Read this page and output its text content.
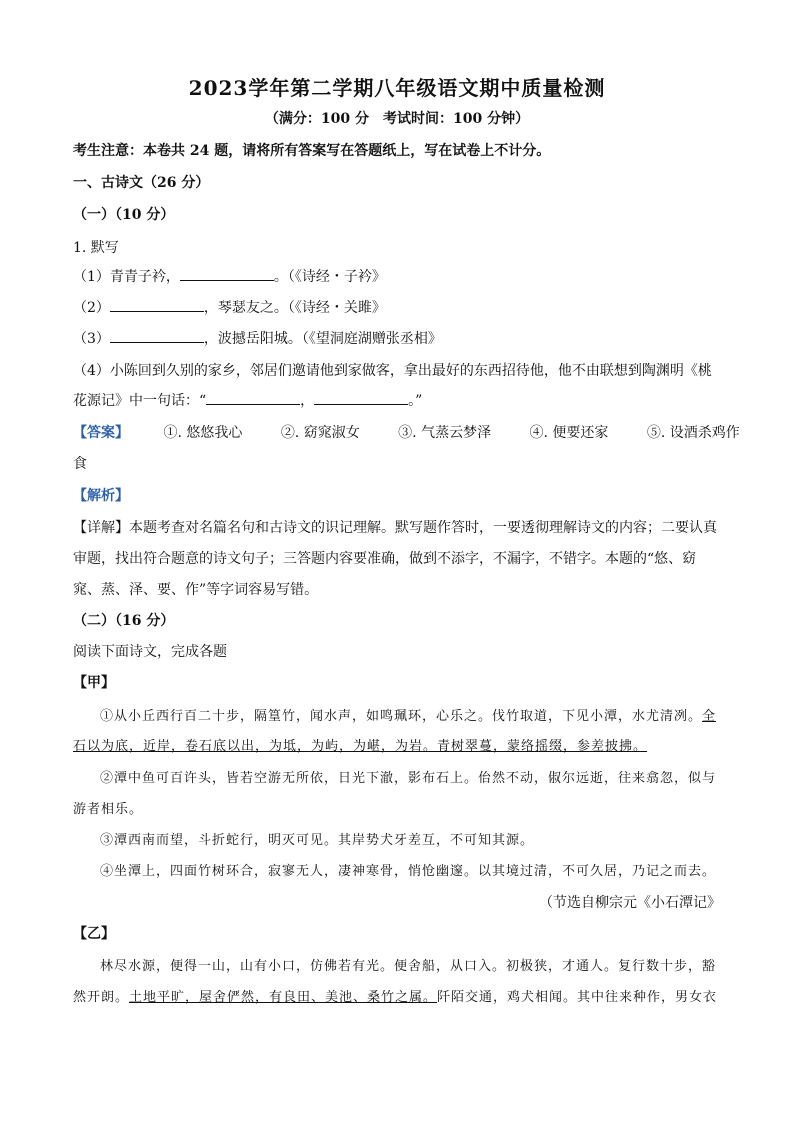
2023学年第二学期八年级语文期中质量检测
（满分：100 分　考试时间：100 分钟）
考生注意：本卷共 24 题，请将所有答案写在答题纸上，写在试卷上不计分。
一、古诗文（26 分）
（一）（10 分）
1. 默写
（1）青青子衿，	。（《诗经・子衿》
（2）	，琴瑟友之。（《诗经・关雎》
（3）	，波撼岳阳城。（《望洞庭湖赠张丞相》
（4）小陈回到久别的家乡，邻居们邀请他到家做客，拿出最好的东西招待他，他不由联想到陶渊明《桃
花源记》中一句话：“	，	。”
【答案】 ①. 悠悠我心	②. 窈窕淑女	③. 气蒸云梦泽	④. 便要还家	⑤. 设酒杀鸡作
食
【解析】
【详解】本题考查对名篇名句和古诗文的识记理解。默写题作答时，一要透彻理解诗文的内容；二要认真
审题，找出符合题意的诗文句子；三答题内容要准确，做到不添字，不漏字，不错字。本题的“悠、窈
窕、蒸、泽、要、作”等字词容易写错。
（二）（16 分）
阅读下面诗文，完成各题
【甲】
①从小丘西行百二十步，隔篁竹，闻水声，如鸣珮环，心乐之。伐竹取道，下见小潭，水尤清冽。全
石以为底，近岸，卷石底以出，为坻，为屿，为嵁，为岩。青树翠蔓，蒙络摇缀，参差披拂。
②潭中鱼可百许头，皆若空游无所依，日光下澈，影布石上。佁然不动，俶尔远逝，往来翕忽，似与
游者相乐。
③潭西南而望，斗折蛇行，明灭可见。其岸势犬牙差互，不可知其源。
④坐潭上，四面竹树环合，寂寥无人，凄神寒骨，悄怆幽邃。以其境过清，不可久居，乃记之而去。
（节选自柳宗元《小石潭记》
【乙】
林尽水源，便得一山，山有小口，仿佛若有光。便舍船，从口入。初极狭，才通人。复行数十步，豁
然开朗。土地平旷，屋舍俨然，有良田、美池、桑竹之属。阡陌交通，鸡犬相闻。其中往来种作，男女衣
